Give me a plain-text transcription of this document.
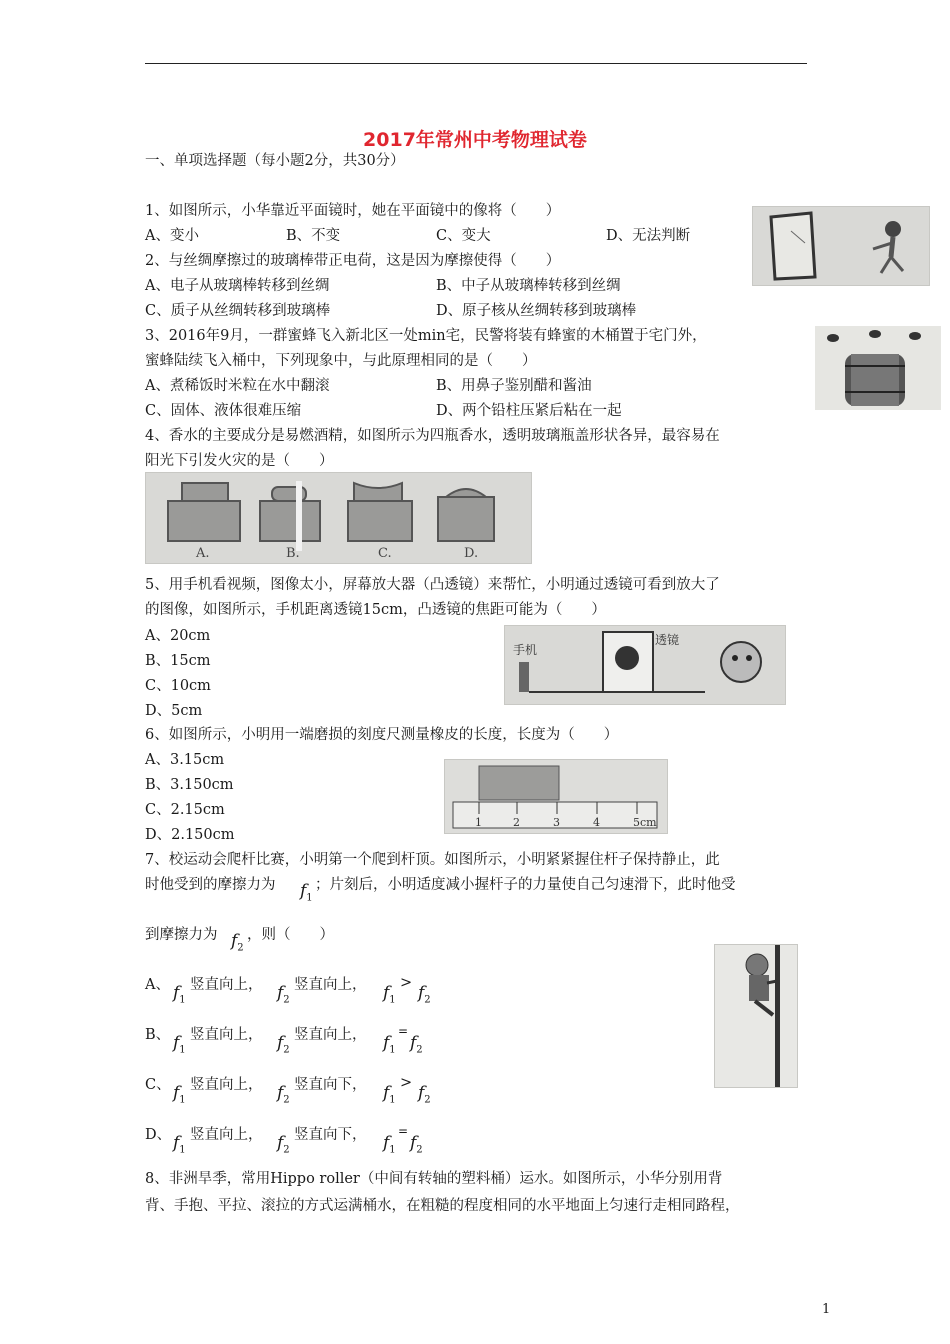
2017年常州中考物理试卷
一、单项选择题（每小题2分，共30分）
1、如图所示，小华靠近平面镜时，她在平面镜中的像将（　　）
A、变小	B、不变	C、变大	D、无法判断
2、与丝绸摩擦过的玻璃棒带正电荷，这是因为摩擦使得（　　）
A、电子从玻璃棒转移到丝绸	B、中子从玻璃棒转移到丝绸
C、质子从丝绸转移到玻璃棒	D、原子核从丝绸转移到玻璃棒
3、2016年9月，一群蜜蜂飞入新北区一处min宅，民警将装有蜂蜜的木桶置于宅门外，
蜜蜂陆续飞入桶中，下列现象中，与此原理相同的是（　　）
A、煮稀饭时米粒在水中翻滚	B、用鼻子鉴别醋和酱油
C、固体、液体很难压缩	D、两个铅柱压紧后粘在一起
4、香水的主要成分是易燃酒精，如图所示为四瓶香水，透明玻璃瓶盖形状各异，最容易在
阳光下引发火灾的是（　　）
A.	B.	C.	D.
5、用手机看视频，图像太小，屏幕放大器（凸透镜）来帮忙，小明通过透镜可看到放大了
的图像，如图所示，手机距离透镜15cm，凸透镜的焦距可能为（　　）
A、20cm
B、15cm
C、10cm
D、5cm
手机
透镜
6、如图所示，小明用一端磨损的刻度尺测量橡皮的长度，长度为（　　）
A、3.15cm
B、3.150cm
C、2.15cm
D、2.150cm
1	2	3	4	5cm
7、校运动会爬杆比赛，小明第一个爬到杆顶。如图所示，小明紧紧握住杆子保持静止，此
时他受到的摩擦力为 $f_1$
；片刻后，小明适度减小握杆子的力量使自己匀速滑下，此时他受
到摩擦力为 $f_2$
，则（　　）
A、 $f_1$
竖直向上， $f_2$
竖直向上， $f_1$
> $f_2$
B、 $f_1$
竖直向上， $f_2$
竖直向上， $f_1$
=
$f_2$
C、 $f_1$
竖直向上， $f_2$
竖直向下， $f_1$
> $f_2$
D、 $f_1$
竖直向上， $f_2$
竖直向下， $f_1$
=
$f_2$
8、非洲旱季，常用Hippo roller（中间有转轴的塑料桶）运水。如图所示，小华分别用背
背、手抱、平拉、滚拉的方式运满桶水，在粗糙的程度相同的水平地面上匀速行走相同路程，
1
